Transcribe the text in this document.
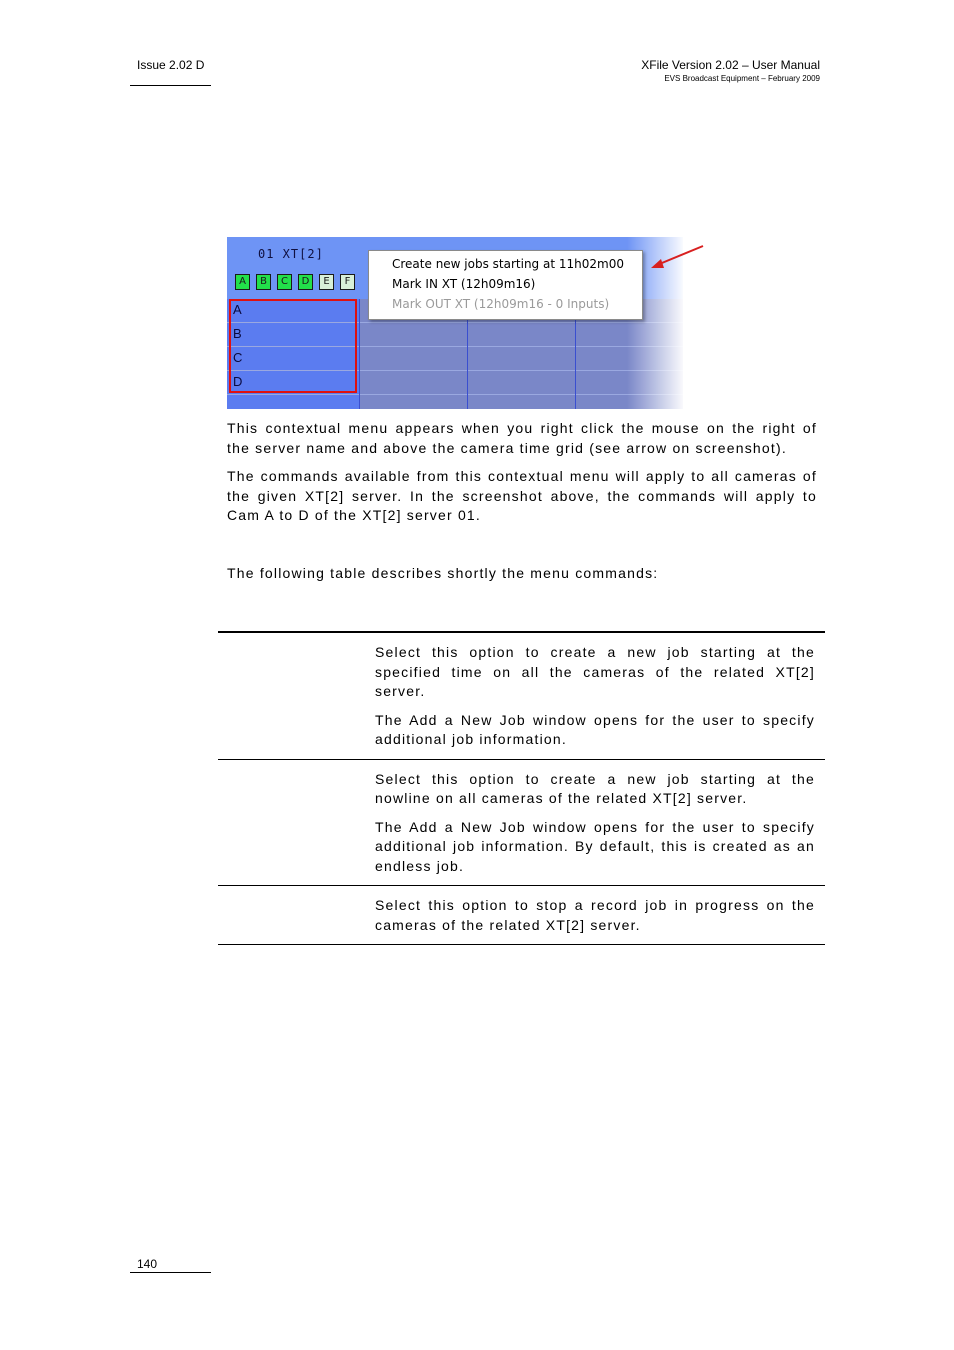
Issue 2.02 D	XFile Version 2.02 – User Manual
EVS Broadcast Equipment – February 2009
01 XT[2]
A	B	C	D	E	F
A
B
C
D
Create new jobs starting at 11h02m00
Mark IN XT (12h09m16)
Mark OUT XT (12h09m16 - 0 Inputs)
This contextual menu appears when you right click the mouse on the right of the server name and above the camera time grid (see arrow on screenshot).
The commands available from this contextual menu will apply to all cameras of the given XT[2] server. In the screenshot above, the commands will apply to Cam A to D of the XT[2] server 01.
The following table describes shortly the menu commands:

Select this option to create a new job starting at the specified time on all the cameras of the related XT[2] server.

The Add a New Job window opens for the user to specify additional job information.

Select this option to create a new job starting at the nowline on all cameras of the related XT[2] server.

The Add a New Job window opens for the user to specify additional job information. By default, this is created as an endless job.

Select this option to stop a record job in progress on the cameras of the related XT[2] server.

140
